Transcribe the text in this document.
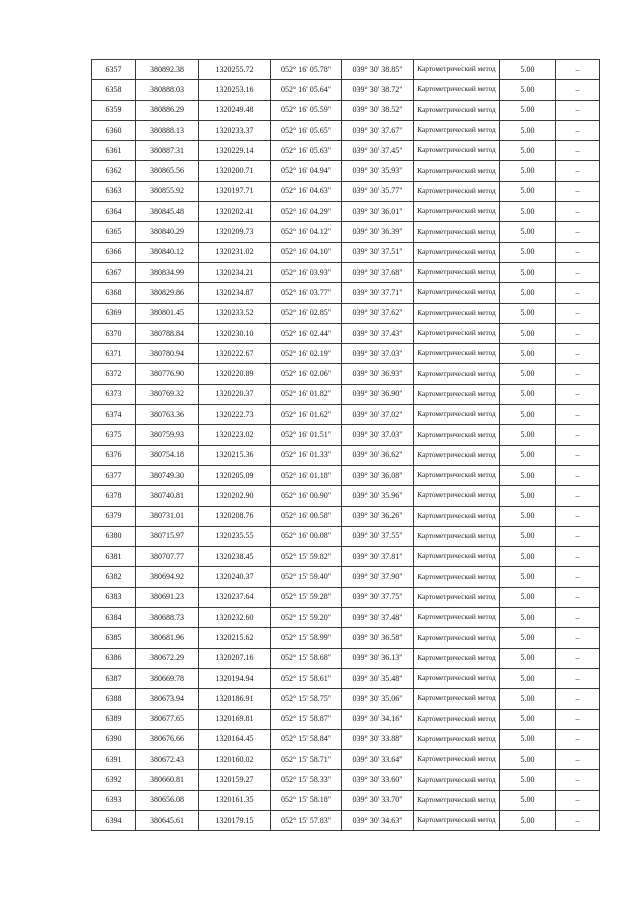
6357	380892.38	1320255.72	052° 16' 05.78"	039° 30' 38.85"	Картометрический метод	5.00	–
6358	380888.03	1320253.16	052° 16' 05.64"	039° 30' 38.72"	Картометрический метод	5.00	–
6359	380886.29	1320249.48	052° 16' 05.59"	039° 30' 38.52"	Картометрический метод	5.00	–
6360	380888.13	1320233.37	052° 16' 05.65"	039° 30' 37.67"	Картометрический метод	5.00	–
6361	380887.31	1320229.14	052° 16' 05.63"	039° 30' 37.45"	Картометрический метод	5.00	–
6362	380865.56	1320200.71	052° 16' 04.94"	039° 30' 35.93"	Картометрический метод	5.00	–
6363	380855.92	1320197.71	052° 16' 04.63"	039° 30' 35.77"	Картометрический метод	5.00	–
6364	380845.48	1320202.41	052° 16' 04.29"	039° 30' 36.01"	Картометрический метод	5.00	–
6365	380840.29	1320209.73	052° 16' 04.12"	039° 30' 36.39"	Картометрический метод	5.00	–
6366	380840.12	1320231.02	052° 16' 04.10"	039° 30' 37.51"	Картометрический метод	5.00	–
6367	380834.99	1320234.21	052° 16' 03.93"	039° 30' 37.68"	Картометрический метод	5.00	–
6368	380829.86	1320234.87	052° 16' 03.77"	039° 30' 37.71"	Картометрический метод	5.00	–
6369	380801.45	1320233.52	052° 16' 02.85"	039° 30' 37.62"	Картометрический метод	5.00	–
6370	380788.84	1320230.10	052° 16' 02.44"	039° 30' 37.43"	Картометрический метод	5.00	–
6371	380780.94	1320222.67	052° 16' 02.19"	039° 30' 37.03"	Картометрический метод	5.00	–
6372	380776.90	1320220.89	052° 16' 02.06"	039° 30' 36.93"	Картометрический метод	5.00	–
6373	380769.32	1320220.37	052° 16' 01.82"	039° 30' 36.90"	Картометрический метод	5.00	–
6374	380763.36	1320222.73	052° 16' 01.62"	039° 30' 37.02"	Картометрический метод	5.00	–
6375	380759.93	1320223.02	052° 16' 01.51"	039° 30' 37.03"	Картометрический метод	5.00	–
6376	380754.18	1320215.36	052° 16' 01.33"	039° 30' 36.62"	Картометрический метод	5.00	–
6377	380749.30	1320205.09	052° 16' 01.18"	039° 30' 36.08"	Картометрический метод	5.00	–
6378	380740.81	1320202.90	052° 16' 00.90"	039° 30' 35.96"	Картометрический метод	5.00	–
6379	380731.01	1320208.76	052° 16' 00.58"	039° 30' 36.26"	Картометрический метод	5.00	–
6380	380715.97	1320235.55	052° 16' 00.08"	039° 30' 37.55"	Картометрический метод	5.00	–
6381	380707.77	1320238.45	052° 15' 59.82"	039° 30' 37.81"	Картометрический метод	5.00	–
6382	380694.92	1320240.37	052° 15' 59.40"	039° 30' 37.90"	Картометрический метод	5.00	–
6383	380691.23	1320237.64	052° 15' 59.28"	039° 30' 37.75"	Картометрический метод	5.00	–
6384	380688.73	1320232.60	052° 15' 59.20"	039° 30' 37.48"	Картометрический метод	5.00	–
6385	380681.96	1320215.62	052° 15' 58.99"	039° 30' 36.58"	Картометрический метод	5.00	–
6386	380672.29	1320207.16	052° 15' 58.68"	039° 30' 36.13"	Картометрический метод	5.00	–
6387	380669.78	1320194.94	052° 15' 58.61"	039° 30' 35.48"	Картометрический метод	5.00	–
6388	380673.94	1320186.91	052° 15' 58.75"	039° 30' 35.06"	Картометрический метод	5.00	–
6389	380677.65	1320169.81	052° 15' 58.87"	039° 30' 34.16"	Картометрический метод	5.00	–
6390	380676.66	1320164.45	052° 15' 58.84"	039° 30' 33.88"	Картометрический метод	5.00	–
6391	380672.43	1320160.02	052° 15' 58.71"	039° 30' 33.64"	Картометрический метод	5.00	–
6392	380660.81	1320159.27	052° 15' 58.33"	039° 30' 33.60"	Картометрический метод	5.00	–
6393	380656.08	1320161.35	052° 15' 58.18"	039° 30' 33.70"	Картометрический метод	5.00	–
6394	380645.61	1320179.15	052° 15' 57.83"	039° 30' 34.63"	Картометрический метод	5.00	–
